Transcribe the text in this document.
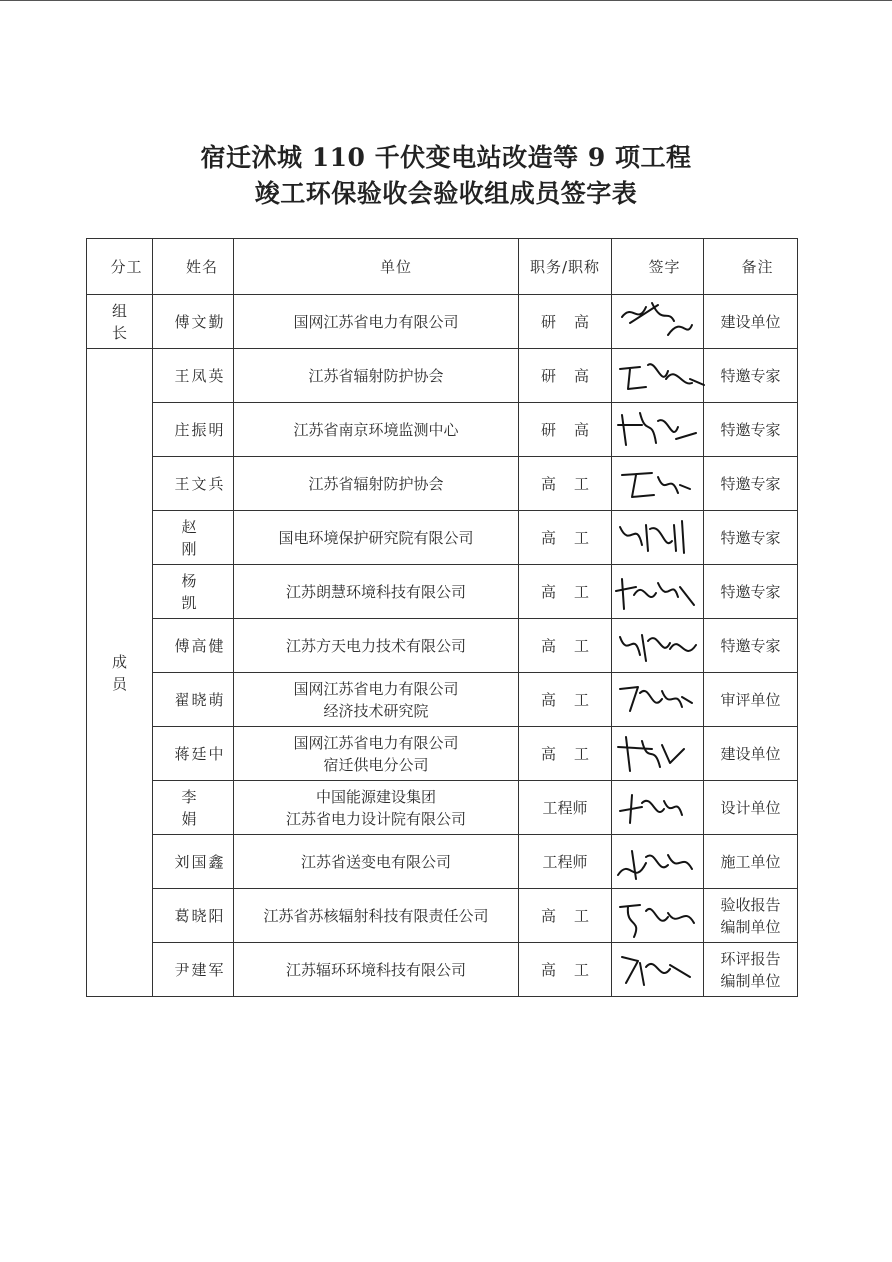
宿迁沭城 110 千伏变电站改造等 9 项工程
竣工环保验收会验收组成员签字表
分工	姓名	单位	职务/职称	签字	备注
组长	傅文勤	国网江苏省电力有限公司	研高		建设单位

成员	王凤英	江苏省辐射防护协会	研高		特邀专家

	庄振明	江苏省南京环境监测中心	研高		特邀专家

	王文兵	江苏省辐射防护协会	高工		特邀专家

	赵刚	国电环境保护研究院有限公司	高工		特邀专家

	杨凯	江苏朗慧环境科技有限公司	高工		特邀专家

	傅高健	江苏方天电力技术有限公司	高工		特邀专家

	翟晓萌	国网江苏省电力有限公司
经济技术研究院	高工		审评单位

	蒋廷中	国网江苏省电力有限公司
宿迁供电分公司	高工		建设单位

	李娟	中国能源建设集团
江苏省电力设计院有限公司	工程师		设计单位

	刘国鑫	江苏省送变电有限公司	工程师		施工单位

	葛晓阳	江苏省苏核辐射科技有限责任公司	高工		验收报告
编制单位

	尹建军	江苏辐环环境科技有限公司	高工		环评报告
编制单位
